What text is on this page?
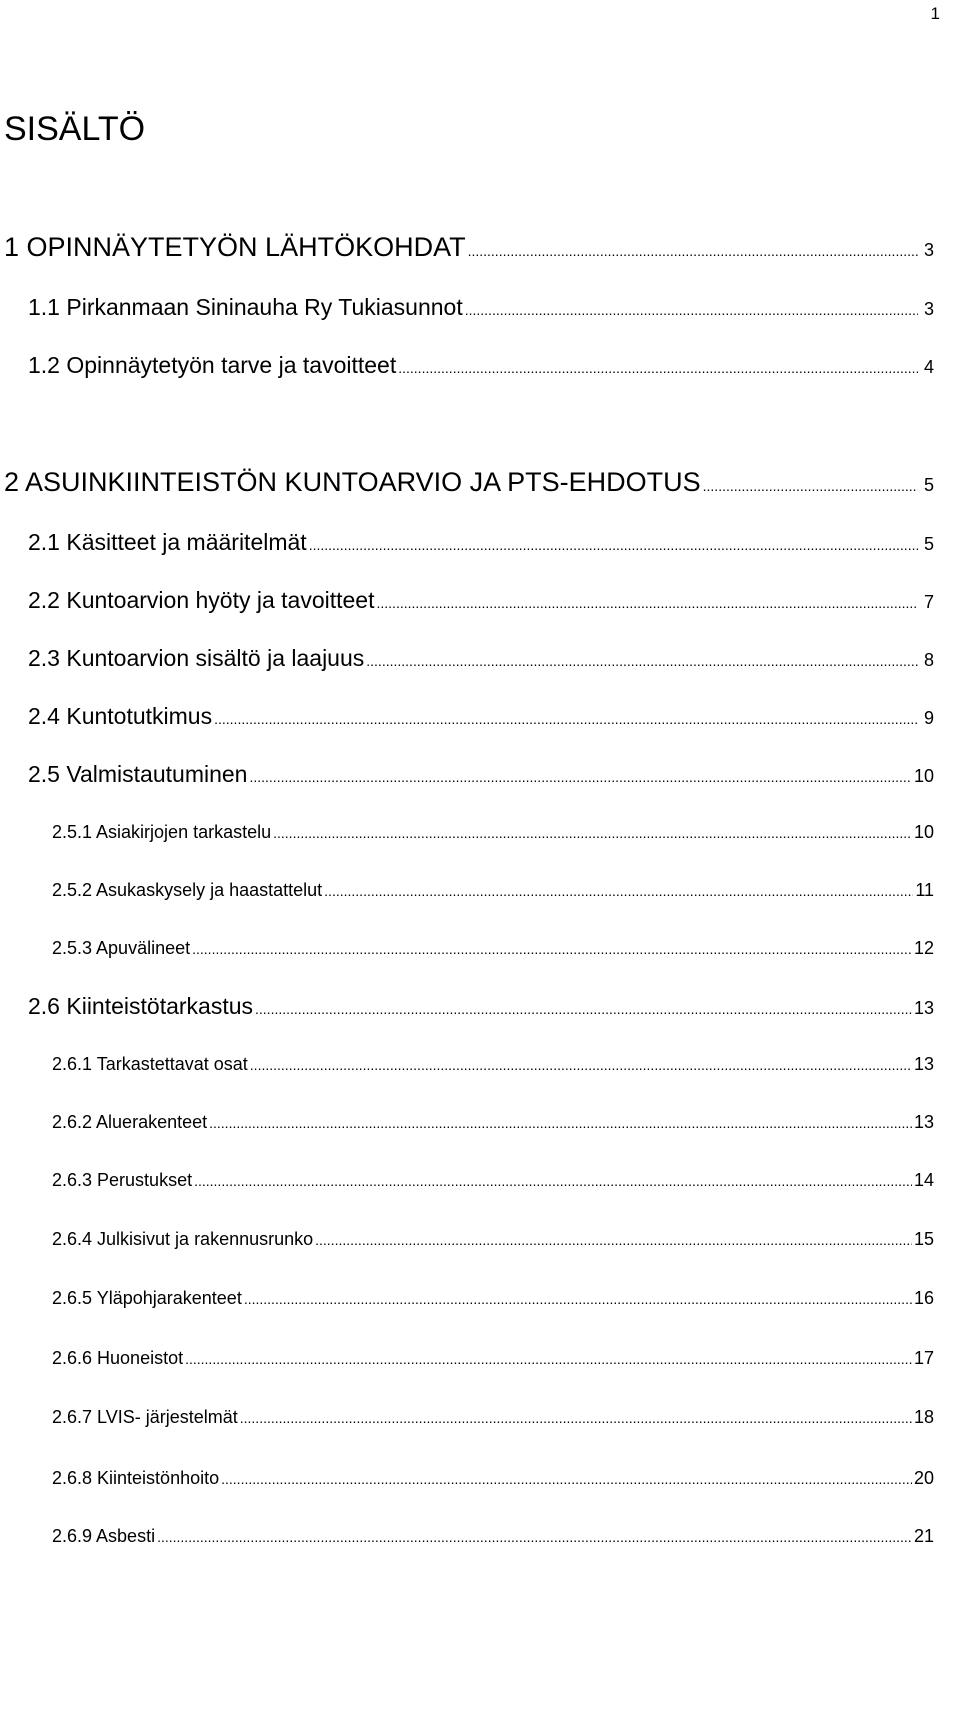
1
SISÄLTÖ
1 OPINNÄYTETYÖN LÄHTÖKOHDAT .....	3
1.1 Pirkanmaan Sininauha Ry Tukiasunnot .....	3
1.2 Opinnäytetyön tarve ja tavoitteet .....	4
2 ASUINKIINTEISTÖN KUNTOARVIO JA PTS-EHDOTUS .....	5
2.1 Käsitteet ja määritelmät .....	5
2.2 Kuntoarvion hyöty ja tavoitteet .....	7
2.3 Kuntoarvion sisältö ja laajuus .....	8
2.4 Kuntotutkimus .....	9
2.5 Valmistautuminen .....	10
2.5.1 Asiakirjojen tarkastelu .....	10
2.5.2 Asukaskysely ja haastattelut .....	11
2.5.3 Apuvälineet .....	12
2.6 Kiinteistötarkastus .....	13
2.6.1 Tarkastettavat osat .....	13
2.6.2 Aluerakenteet .....	13
2.6.3 Perustukset .....	14
2.6.4 Julkisivut ja rakennusrunko .....	15
2.6.5 Yläpohjarakenteet .....	16
2.6.6 Huoneistot .....	17
2.6.7 LVIS- järjestelmät .....	18
2.6.8 Kiinteistönhoito .....	20
2.6.9 Asbesti .....	21
